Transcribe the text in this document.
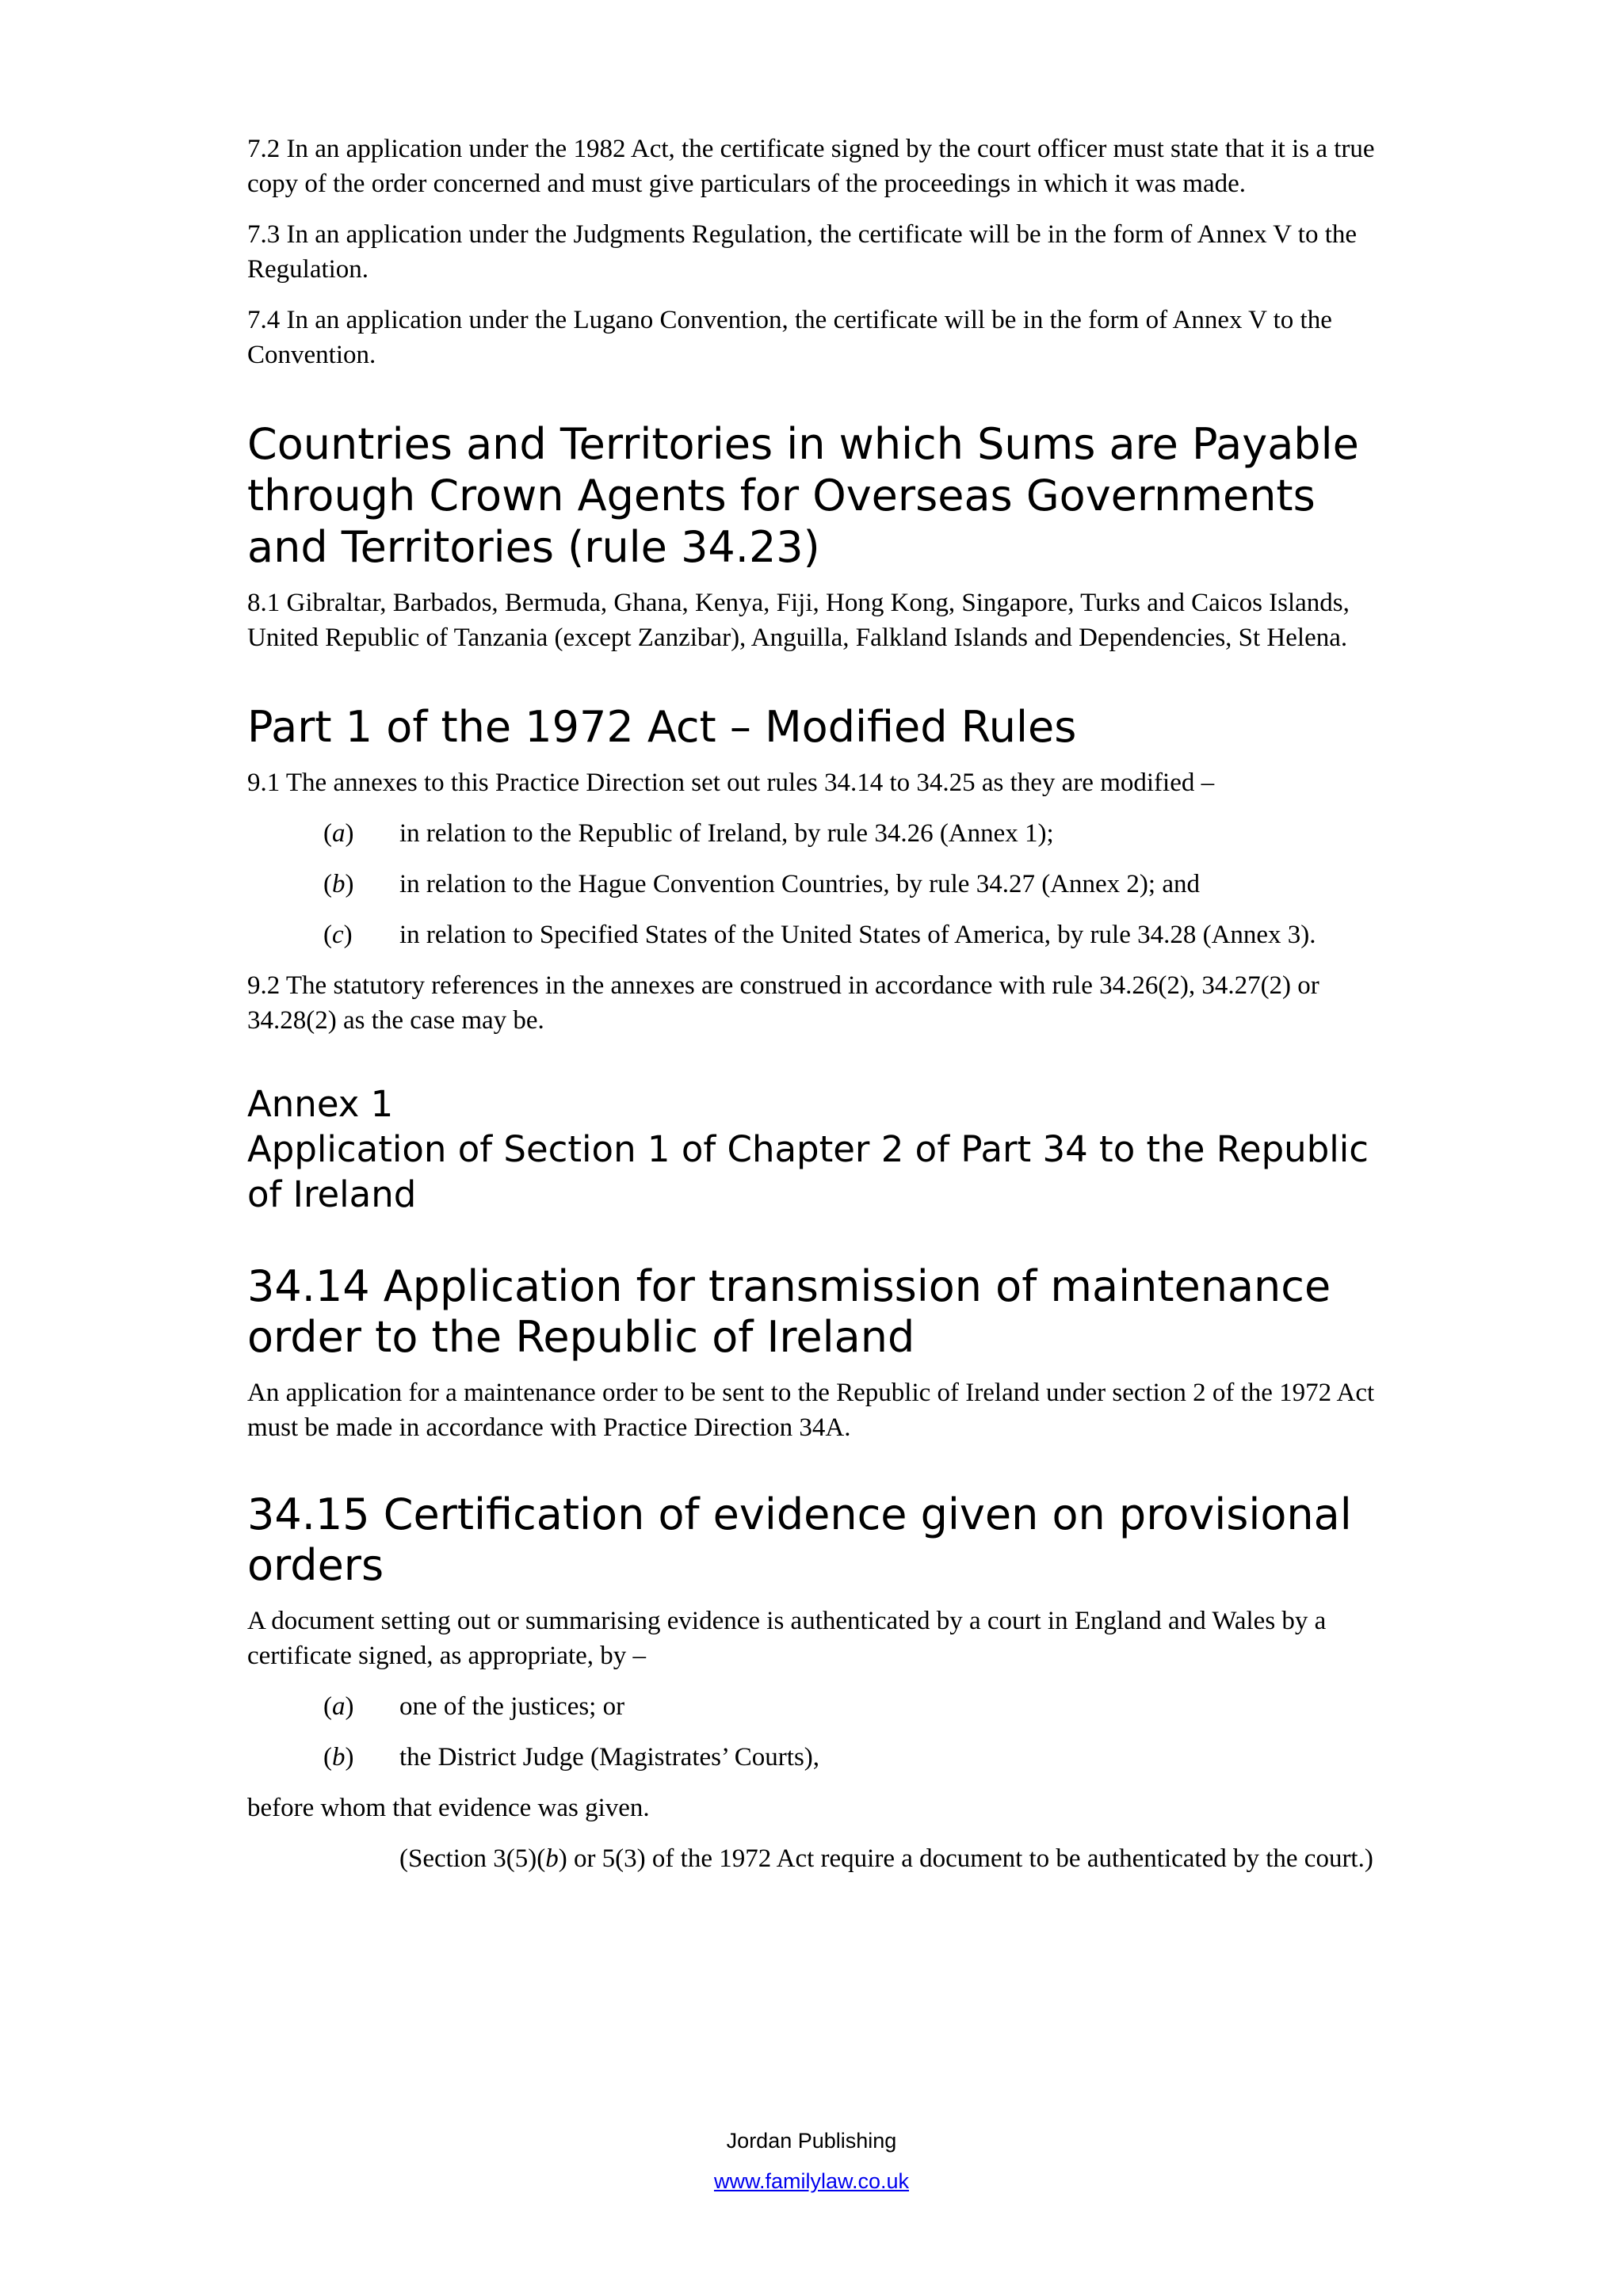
7.2 In an application under the 1982 Act, the certificate signed by the court officer must state that it is a true copy of the order concerned and must give particulars of the proceedings in which it was made.

7.3 In an application under the Judgments Regulation, the certificate will be in the form of Annex V to the Regulation.

7.4 In an application under the Lugano Convention, the certificate will be in the form of Annex V to the Convention.

Countries and Territories in which Sums are Payable through Crown Agents for Overseas Governments and Territories (rule 34.23)

8.1 Gibraltar, Barbados, Bermuda, Ghana, Kenya, Fiji, Hong Kong, Singapore, Turks and Caicos Islands, United Republic of Tanzania (except Zanzibar), Anguilla, Falkland Islands and Dependencies, St Helena.

Part 1 of the 1972 Act – Modified Rules

9.1 The annexes to this Practice Direction set out rules 34.14 to 34.25 as they are modified –

(a)	in relation to the Republic of Ireland, by rule 34.26 (Annex 1);
(b)	in relation to the Hague Convention Countries, by rule 34.27 (Annex 2); and
(c)	in relation to Specified States of the United States of America, by rule 34.28 (Annex 3).

9.2 The statutory references in the annexes are construed in accordance with rule 34.26(2), 34.27(2) or 34.28(2) as the case may be.

Annex 1
Application of Section 1 of Chapter 2 of Part 34 to the Republic of Ireland
34.14 Application for transmission of maintenance order to the Republic of Ireland

An application for a maintenance order to be sent to the Republic of Ireland under section 2 of the 1972 Act must be made in accordance with Practice Direction 34A.

34.15 Certification of evidence given on provisional orders

A document setting out or summarising evidence is authenticated by a court in England and Wales by a certificate signed, as appropriate, by –

(a)	one of the justices; or
(b)	the District Judge (Magistrates’ Courts),

before whom that evidence was given.

(Section 3(5)(b) or 5(3) of the 1972 Act require a document to be authenticated by the court.)

Jordan Publishing
www.familylaw.co.uk
